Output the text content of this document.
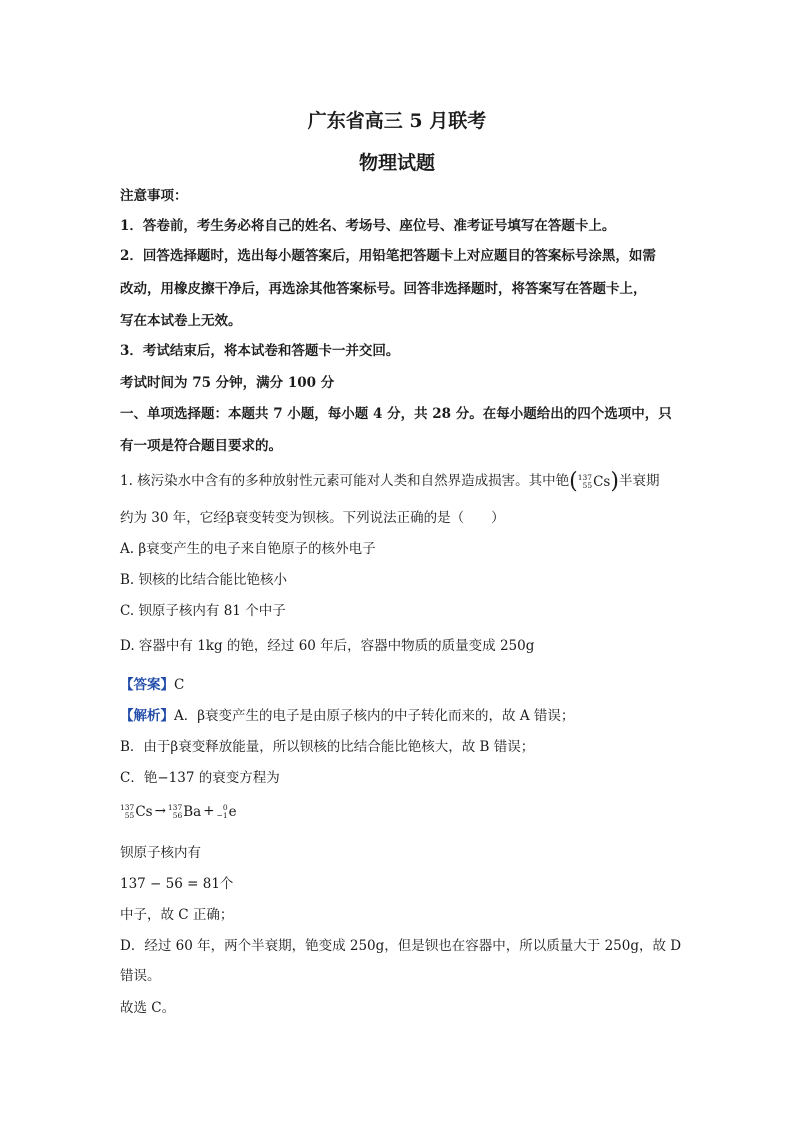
广东省高三 5 月联考
物理试题
注意事项：
1．答卷前，考生务必将自己的姓名、考场号、座位号、准考证号填写在答题卡上。
2．回答选择题时，选出每小题答案后，用铅笔把答题卡上对应题目的答案标号涂黑，如需
改动，用橡皮擦干净后，再选涂其他答案标号。回答非选择题时，将答案写在答题卡上，
写在本试卷上无效。
3．考试结束后，将本试卷和答题卡一并交回。
考试时间为 75 分钟，满分 100 分
一、单项选择题：本题共 7 小题，每小题 4 分，共 28 分。在每小题给出的四个选项中，只
有一项是符合题目要求的。
1. 核污染水中含有的多种放射性元素可能对人类和自然界造成损害。其中铯 ( 137
55 Cs ) 半衰期
约为 30 年，它经β衰变转变为钡核。下列说法正确的是（　　）
A. β衰变产生的电子来自铯原子的核外电子
B. 钡核的比结合能比铯核小
C. 钡原子核内有 81 个中子
D. 容器中有 1kg 的铯，经过 60 年后，容器中物质的质量变成 250g
【答案】C
【解析】A．β衰变产生的电子是由原子核内的中子转化而来的，故 A 错误；
B．由于β衰变释放能量，所以钡核的比结合能比铯核大，故 B 错误；
C．铯−137 的衰变方程为
137
55 Cs → 137
56 Ba +	0
−1 e
钡原子核内有
137 − 56 = 81个
中子，故 C 正确；
D．经过 60 年，两个半衰期，铯变成 250g，但是钡也在容器中，所以质量大于 250g，故 D
错误。
故选 C。
